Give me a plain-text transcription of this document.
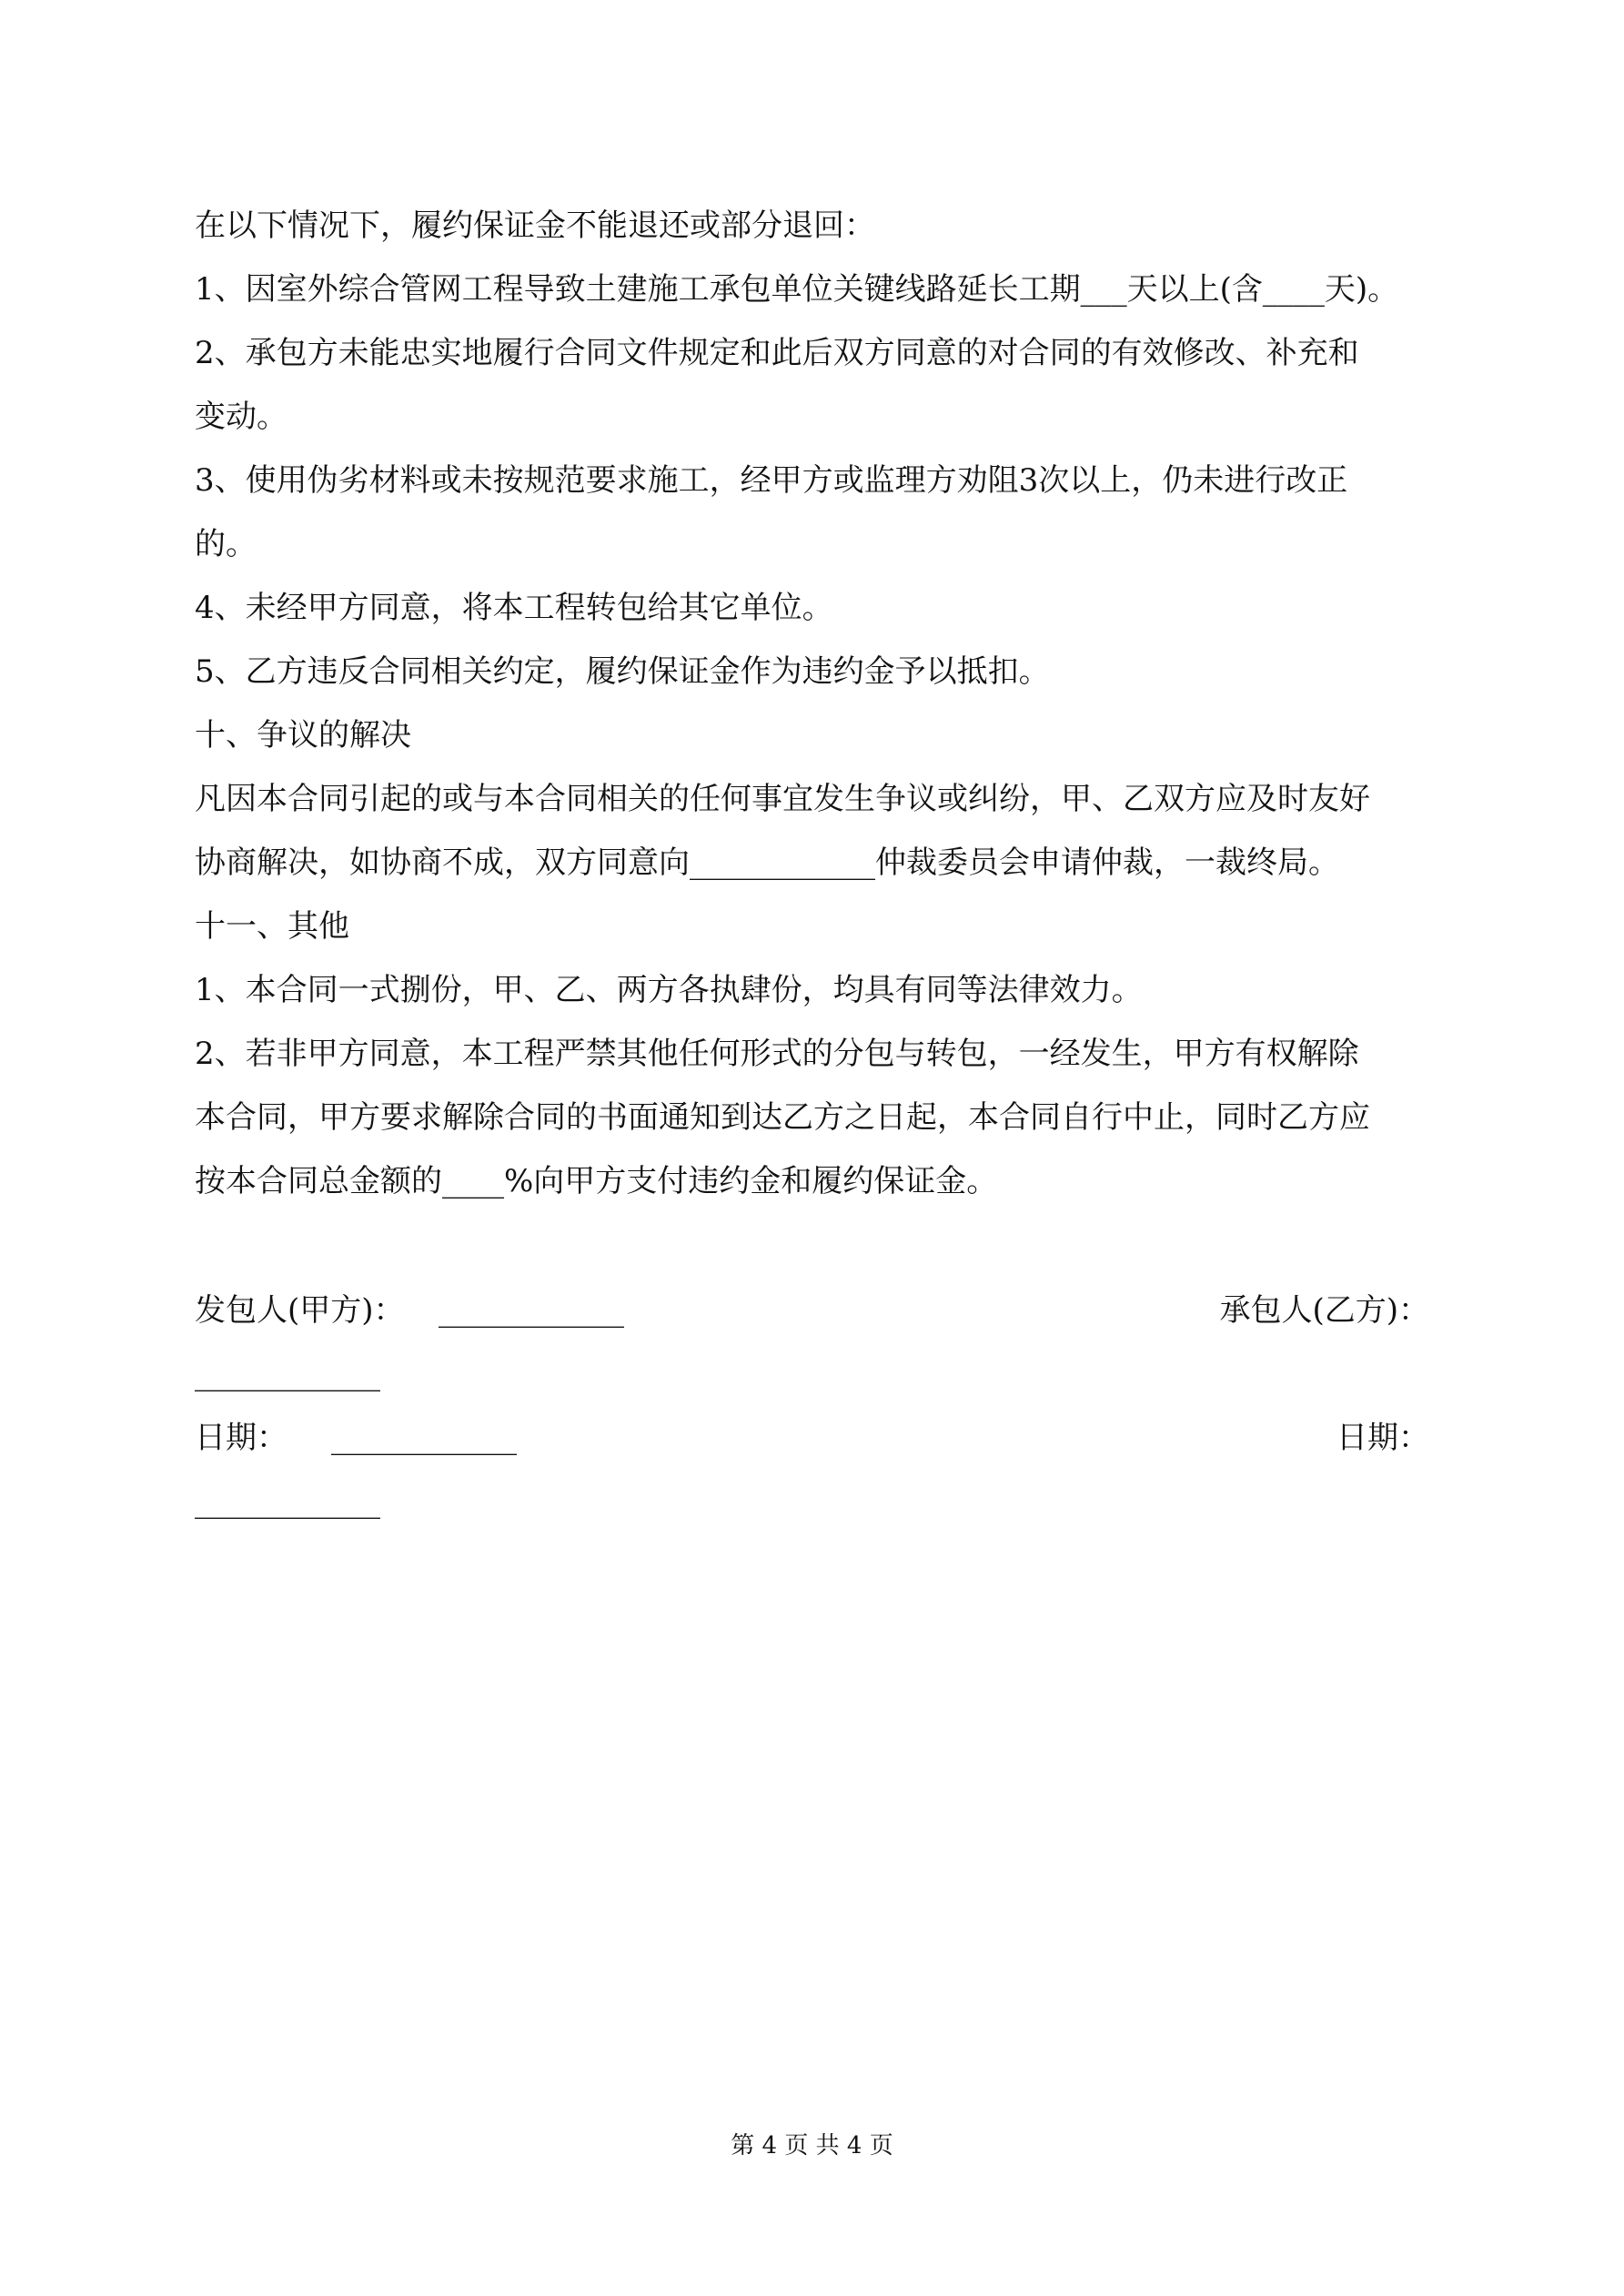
在以下情况下，履约保证金不能退还或部分退回：
1、因室外综合管网工程导致土建施工承包单位关键线路延长工期___天以上(含____天)。
2、承包方未能忠实地履行合同文件规定和此后双方同意的对合同的有效修改、补充和
变动。
3、使用伪劣材料或未按规范要求施工，经甲方或监理方劝阻3次以上，仍未进行改正
的。
4、未经甲方同意，将本工程转包给其它单位。
5、乙方违反合同相关约定，履约保证金作为违约金予以抵扣。
十、争议的解决
凡因本合同引起的或与本合同相关的任何事宜发生争议或纠纷，甲、乙双方应及时友好
协商解决，如协商不成，双方同意向____________仲裁委员会申请仲裁，一裁终局。
十一、其他
1、本合同一式捌份，甲、乙、两方各执肆份，均具有同等法律效力。
2、若非甲方同意，本工程严禁其他任何形式的分包与转包，一经发生，甲方有权解除
本合同，甲方要求解除合同的书面通知到达乙方之日起，本合同自行中止，同时乙方应
按本合同总金额的____%向甲方支付违约金和履约保证金。
发包人(甲方)： ____________	承包人(乙方)：
____________
日期： ____________	日期：
____________
第 4 页 共 4 页
